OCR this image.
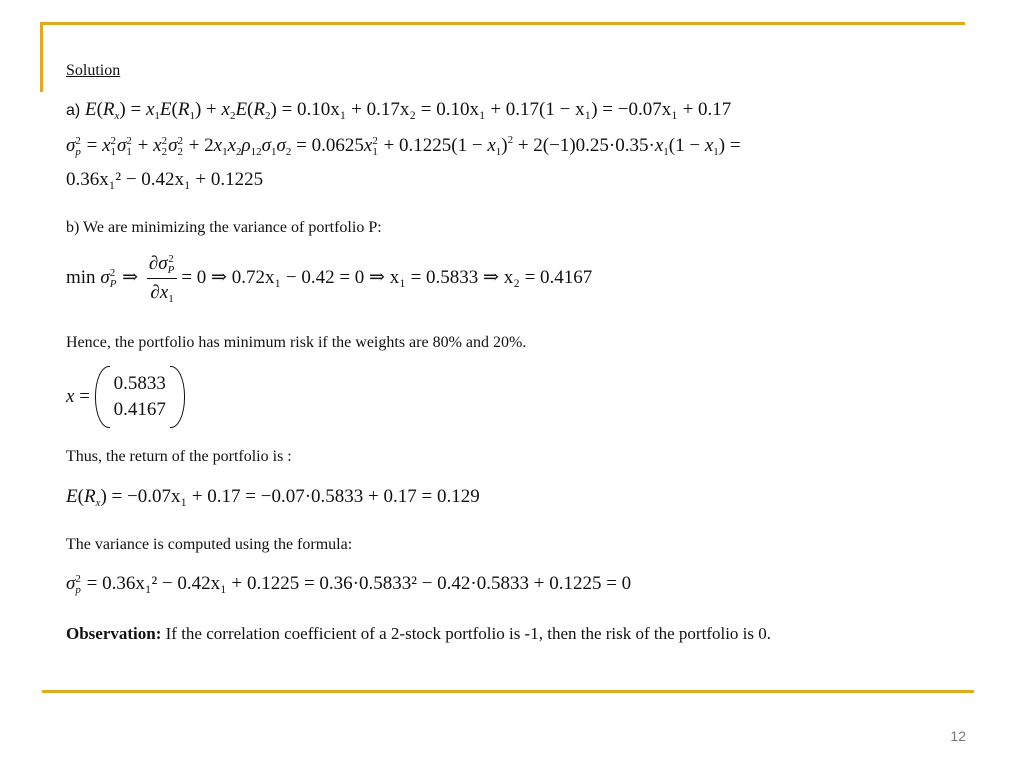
Solution
a) $E(R_x) = x_1E(R_1) + x_2E(R_2) = 0.10x_1 + 0.17x_2 = 0.10x_1 + 0.17(1 - x_1) = -0.07x_1 + 0.17$
σ 2
p = x 2
1 σ 2
1 + x 2
2 σ 2
$2 + 2x_1x_2\rho_{12}\sigma_1\sigma_2 = 0.0625x$ 2
$1 + 0.1225(1 - x_1)^2 + 2(-1)0.25\cdot 0.35\cdot x_1(1 - x_1)$ =
0.36x₁² − 0.42x₁ + 0.1225
b) We are minimizing the variance of portfolio P:
min σ 2
P ⇒ ∂σ 2
P
$\partial x_1 = 0$ ⇒ 0.72x₁ − 0.42 = 0 ⇒ x₁ = 0.5833 ⇒ x₂ = 0.4167
Hence, the portfolio has minimum risk if the weights are 80% and 20%.
x =
0.5833
0.4167
Thus, the return of the portfolio is :
$E(R_x) = -0.07x_1 + 0.17 = -0.07\cdot 0.5833 + 0.17 = 0.129$
The variance is computed using the formula:
σ 2
p = 0.36x₁² − 0.42x₁ + 0.1225 = 0.36·0.5833² − 0.42·0.5833 + 0.1225 = 0
Observation: If the correlation coefficient of a 2-stock portfolio is -1, then the risk of the portfolio is 0.
12
